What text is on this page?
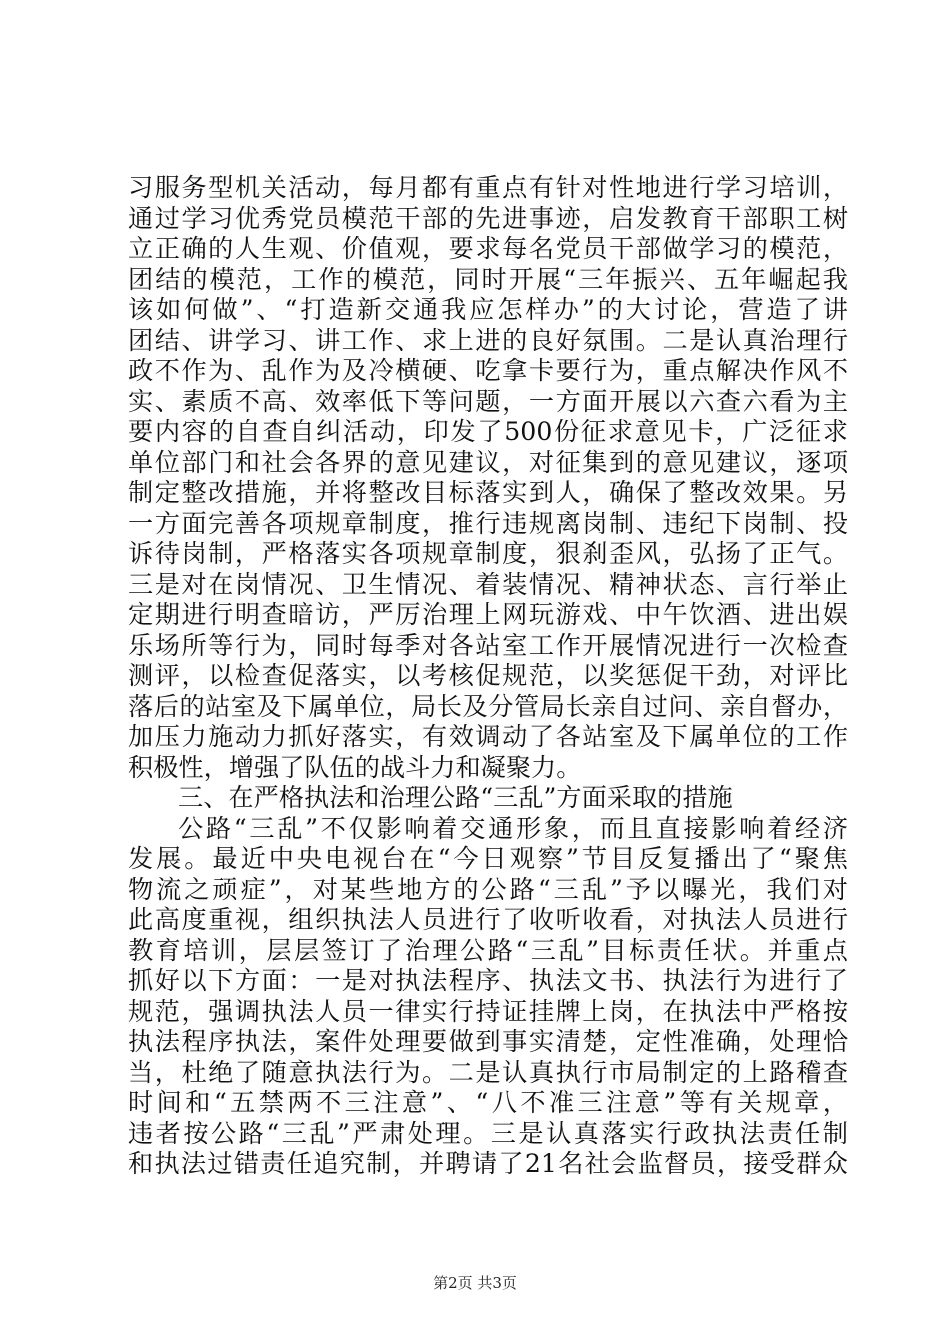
习服务型机关活动，每月都有重点有针对性地进行学习培训，
通过学习优秀党员模范干部的先进事迹，启发教育干部职工树
立正确的人生观、价值观，要求每名党员干部做学习的模范，
团结的模范，工作的模范，同时开展“三年振兴、五年崛起我
该如何做”、“打造新交通我应怎样办”的大讨论，营造了讲
团结、讲学习、讲工作、求上进的良好氛围。二是认真治理行
政不作为、乱作为及冷横硬、吃拿卡要行为，重点解决作风不
实、素质不高、效率低下等问题，一方面开展以六查六看为主
要内容的自查自纠活动，印发了500份征求意见卡，广泛征求
单位部门和社会各界的意见建议，对征集到的意见建议，逐项
制定整改措施，并将整改目标落实到人，确保了整改效果。另
一方面完善各项规章制度，推行违规离岗制、违纪下岗制、投
诉待岗制，严格落实各项规章制度，狠刹歪风，弘扬了正气。
三是对在岗情况、卫生情况、着装情况、精神状态、言行举止
定期进行明查暗访，严厉治理上网玩游戏、中午饮酒、进出娱
乐场所等行为，同时每季对各站室工作开展情况进行一次检查
测评，以检查促落实，以考核促规范，以奖惩促干劲，对评比
落后的站室及下属单位，局长及分管局长亲自过问、亲自督办，
加压力施动力抓好落实，有效调动了各站室及下属单位的工作
积极性，增强了队伍的战斗力和凝聚力。
三、在严格执法和治理公路“三乱”方面采取的措施
公路“三乱”不仅影响着交通形象，而且直接影响着经济
发展。最近中央电视台在“今日观察”节目反复播出了“聚焦
物流之顽症”，对某些地方的公路“三乱”予以曝光，我们对
此高度重视，组织执法人员进行了收听收看，对执法人员进行
教育培训，层层签订了治理公路“三乱”目标责任状。并重点
抓好以下方面：一是对执法程序、执法文书、执法行为进行了
规范，强调执法人员一律实行持证挂牌上岗，在执法中严格按
执法程序执法，案件处理要做到事实清楚，定性准确，处理恰
当，杜绝了随意执法行为。二是认真执行市局制定的上路稽查
时间和“五禁两不三注意”、“八不准三注意”等有关规章，
违者按公路“三乱”严肃处理。三是认真落实行政执法责任制
和执法过错责任追究制，并聘请了21名社会监督员，接受群众
第2页 共3页
